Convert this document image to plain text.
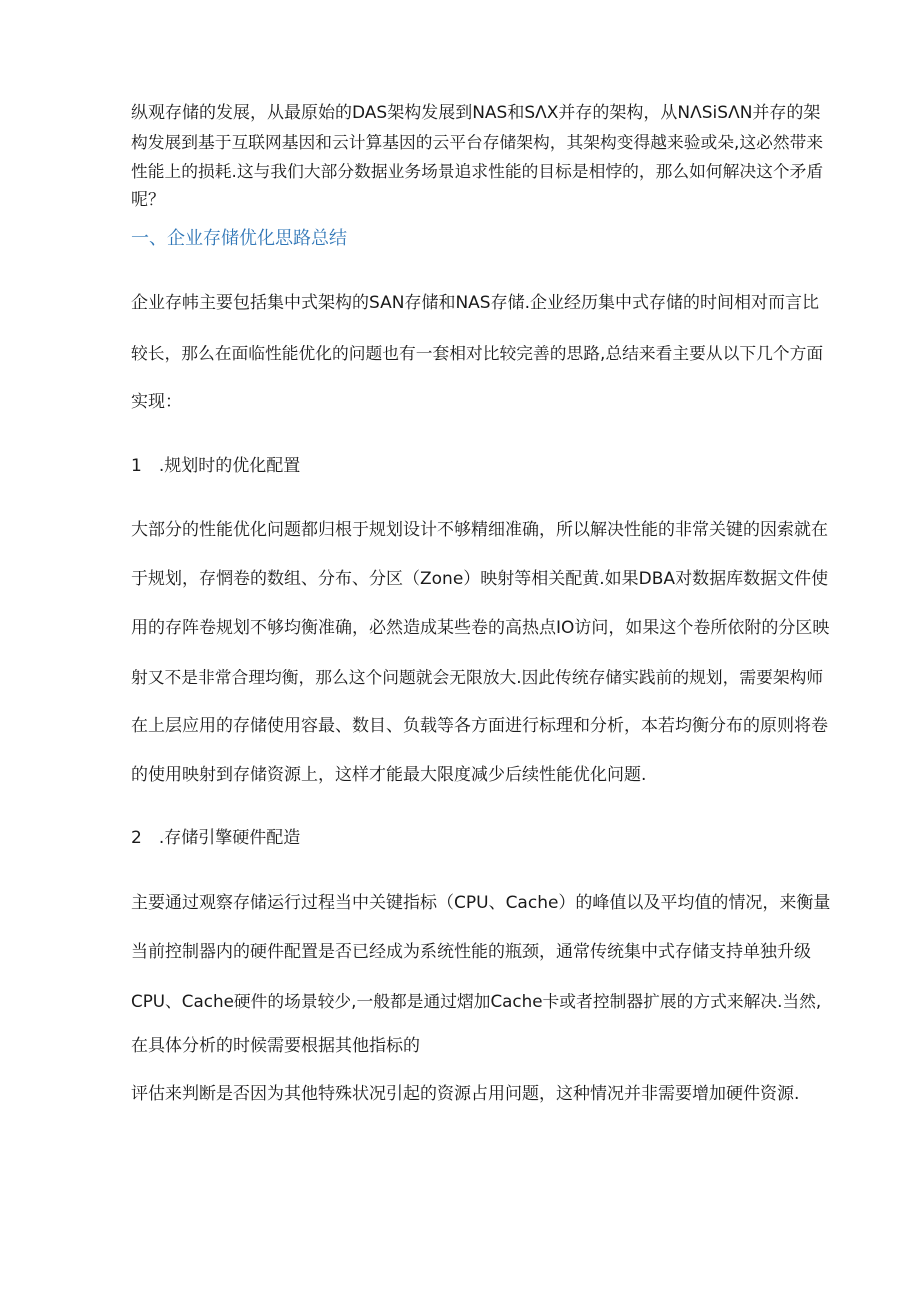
纵观存储的发展，从最原始的DAS架构发展到NAS和SΛX并存的架构，从NΛSiSΛN并存的架
构发展到基于互联网基因和云计算基因的云平台存储架构，其架构变得越来验或朵,这必然带来
性能上的损耗.这与我们大部分数据业务场景追求性能的目标是相悖的，那么如何解决这个矛盾
呢？
一、企业存储优化思路总结
企业存帏主要包括集中式架构的SAN存储和NAS存储.企业经历集中式存储的时间相对而言比
较长，那么在面临性能优化的问题也有一套相对比较完善的思路,总结来看主要从以下几个方面
实现：
1　.规划时的优化配置
大部分的性能优化问题都归根于规划设计不够精细准确，所以解决性能的非常关键的因索就在
于规划，存惘卷的数组、分布、分区（Zone）映射等相关配黄.如果DBA对数据库数据文件使
用的存阵卷规划不够均衡准确，必然造成某些卷的高热点IO访问，如果这个卷所依附的分区映
射又不是非常合理均衡，那么这个问题就会无限放大.因此传统存储实践前的规划，需要架构师
在上层应用的存储使用容最、数目、负载等各方面进行标理和分析，本若均衡分布的原则将卷
的使用映射到存储资源上，这样才能最大限度减少后续性能优化问题.
2　.存储引擎硬件配造
主要通过观察存储运行过程当中关键指标（CPU、Cache）的峰值以及平均值的情况，来衡量
当前控制器内的硬件配置是否已经成为系统性能的瓶颈，通常传统集中式存储支持单独升级
CPU、Cache硬件的场景较少,一般都是通过熠加Cache卡或者控制器扩展的方式来解决.当然,
在具体分析的时候需要根据其他指标的
评估来判断是否因为其他特殊状况引起的资源占用问题，这种情况并非需要增加硬件资源.
